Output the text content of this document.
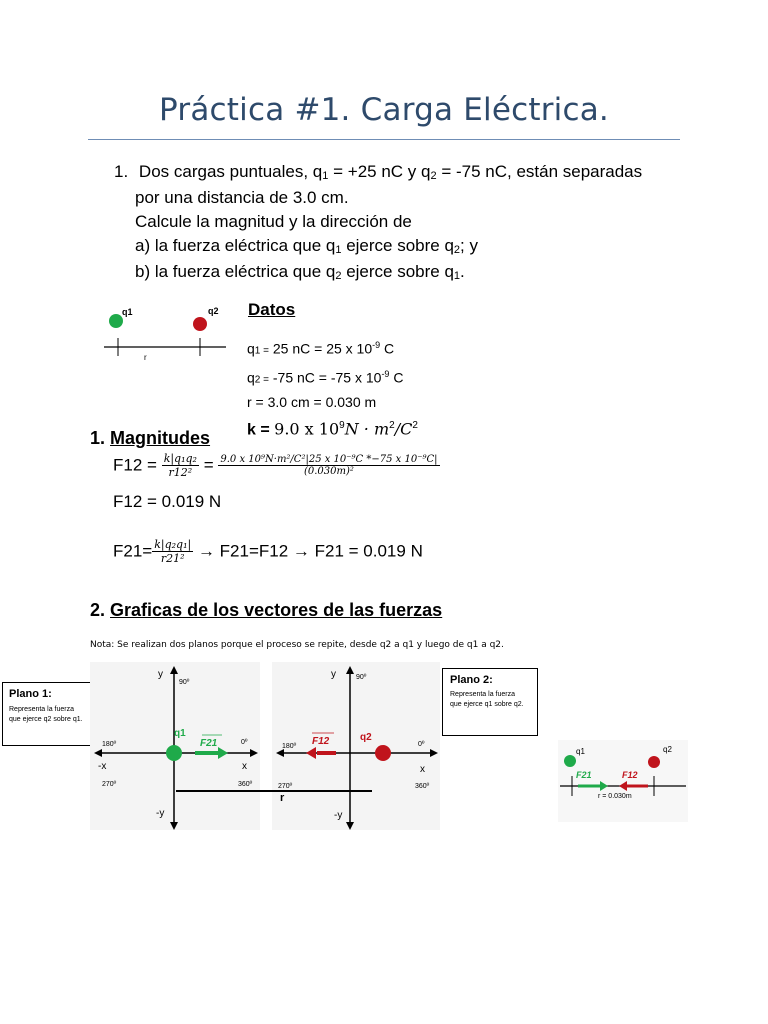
Práctica #1. Carga Eléctrica.
1. Dos cargas puntuales, q1 = +25 nC y q2 = -75 nC, están separadas
por una distancia de 3.0 cm.
Calcule la magnitud y la dirección de
a) la fuerza eléctrica que q1 ejerce sobre q2; y
b) la fuerza eléctrica que q2 ejerce sobre q1.
q1	q2
r
Datos
q1 = 25 nC = 25 x $10^{-9}$ C
q2 = -75 nC = -75 x $10^{-9}$ C
r = 3.0 cm = 0.030 m
k = 9.0 x $10^9N \cdot m^2/C^2$
1. Magnitudes
$F12 = \frac{\text{k|q₁q₂}}{\text{r12²}} = \frac{\text{9.0 x 10⁹N·m²/C²|25 x 10⁻⁹C *−75 x 10⁻⁹C|}}{\text{(0.030m)²}}$
F12 = 0.019 N
$F21= \frac{\text{k|q₂q₁|}}{\text{r21²}} \to F21=F12 \to F21 = 0.019$ N
2. Graficas de los vectores de las fuerzas
Nota: Se realizan dos planos porque el proceso se repite, desde q2 a q1 y luego de q1 a q2.
Plano 1:
Representa la fuerza
que ejerce q2 sobre q1.
F21
q1
y
90º
180º	0º
-x	x
270º	360º
-y
F12	q2
y	90º
180º	0º
x
270º	360º
-y
r
Plano 2:
Representa la fuerza
que ejerce q1 sobre q2.
q1	q2
F21	F12
r = 0.030m
